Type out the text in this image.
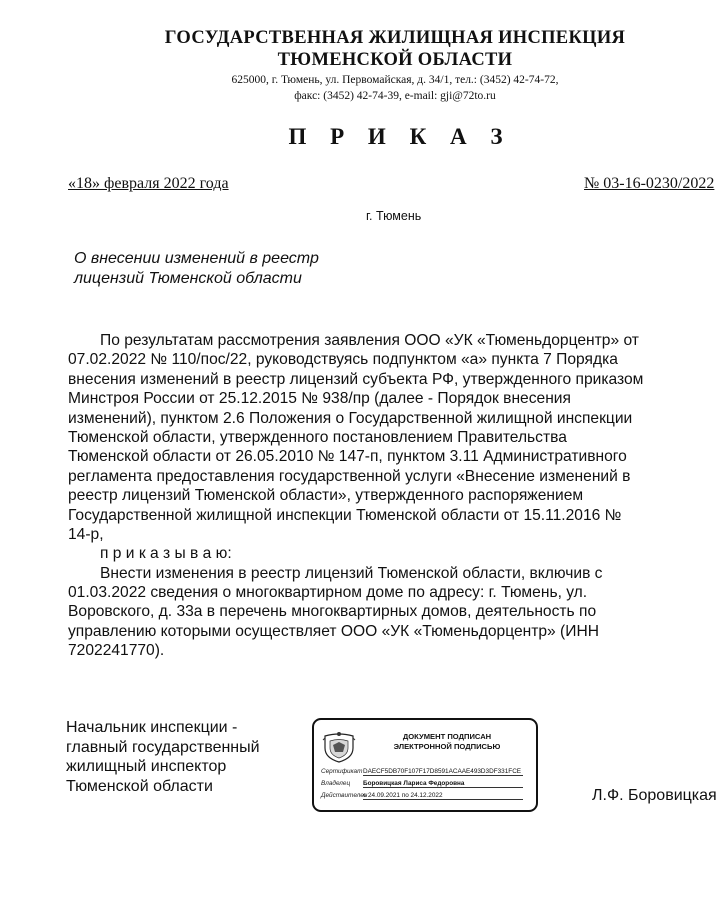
ГОСУДАРСТВЕННАЯ ЖИЛИЩНАЯ ИНСПЕКЦИЯ
ТЮМЕНСКОЙ ОБЛАСТИ
625000, г. Тюмень, ул. Первомайская, д. 34/1, тел.: (3452) 42-74-72,
факс: (3452) 42-74-39, e-mail: gji@72to.ru
П Р И К А З
«18» февраля 2022 года	№ 03-16-0230/2022
г. Тюмень
О внесении изменений в реестр
лицензий Тюменской области
По результатам рассмотрения заявления ООО «УК «Тюменьдорцентр» от
07.02.2022 № 110/пос/22, руководствуясь подпунктом «а» пункта 7 Порядка
внесения изменений в реестр лицензий субъекта РФ, утвержденного приказом
Минстроя России от 25.12.2015 № 938/пр (далее - Порядок внесения
изменений), пунктом 2.6 Положения о Государственной жилищной инспекции
Тюменской области, утвержденного постановлением Правительства
Тюменской области от 26.05.2010 № 147-п, пунктом 3.11 Административного
регламента предоставления государственной услуги «Внесение изменений в
реестр лицензий Тюменской области», утвержденного распоряжением
Государственной жилищной инспекции Тюменской области от 15.11.2016 №
14-р,
п р и к а з ы в а ю:
Внести изменения в реестр лицензий Тюменской области, включив с
01.03.2022 сведения о многоквартирном доме по адресу: г. Тюмень, ул.
Воровского, д. 33а в перечень многоквартирных домов, деятельность по
управлению которыми осуществляет ООО «УК «Тюменьдорцентр» (ИНН
7202241770).
Начальник инспекции -
главный государственный
жилищный инспектор
Тюменской области
ДОКУМЕНТ ПОДПИСАН
ЭЛЕКТРОННОЙ ПОДПИСЬЮ
СертификатDAECF5DB70F107F17D8591ACAAE493D3DF331FCE
Владелец Боровицкая Лариса Федоровна
Действителенс 24.09.2021 по 24.12.2022	Л.Ф. Боровицкая
